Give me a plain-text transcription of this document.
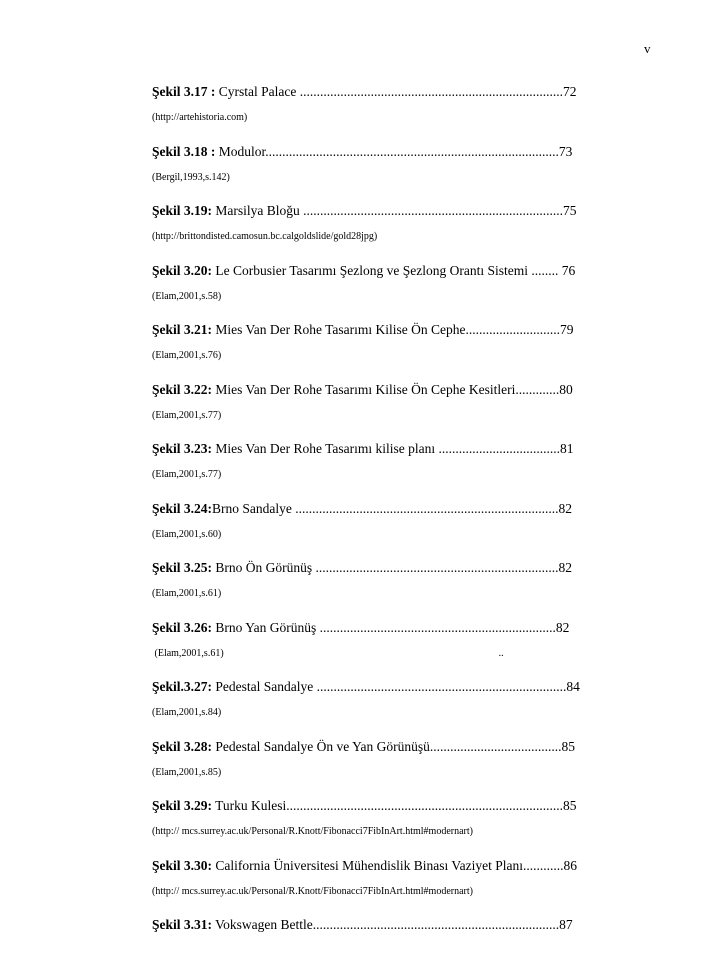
v
Şekil 3.17 : Cyrstal Palace ..............................................................................72
(http://artehistoria.com)
Şekil 3.18 : Modulor.......................................................................................73
(Bergil,1993,s.142)
Şekil 3.19: Marsilya Bloğu .............................................................................75
(http://brittondisted.camosun.bc.calgoldslide/gold28jpg)
Şekil 3.20: Le Corbusier Tasarımı Şezlong ve Şezlong Orantı Sistemi ........ 76
(Elam,2001,s.58)
Şekil 3.21: Mies Van Der Rohe Tasarımı Kilise Ön Cephe............................79
(Elam,2001,s.76)
Şekil 3.22: Mies Van Der Rohe Tasarımı Kilise Ön Cephe Kesitleri.............80
(Elam,2001,s.77)
Şekil 3.23: Mies Van Der Rohe Tasarımı kilise planı ....................................81
(Elam,2001,s.77)
Şekil 3.24:Brno Sandalye ..............................................................................82
(Elam,2001,s.60)
Şekil 3.25: Brno Ön Görünüş ........................................................................82
(Elam,2001,s.61)
Şekil 3.26: Brno Yan Görünüş ......................................................................82
(Elam,2001,s.61)                                                                                                              ..
Şekil.3.27: Pedestal Sandalye ..........................................................................84
(Elam,2001,s.84)
Şekil 3.28: Pedestal Sandalye Ön ve Yan Görünüşü.......................................85
(Elam,2001,s.85)
Şekil 3.29: Turku Kulesi..................................................................................85
(http:// mcs.surrey.ac.uk/Personal/R.Knott/Fibonacci7FibInArt.html#modernart)
Şekil 3.30: California Üniversitesi Mühendislik Binası Vaziyet Planı............86
(http:// mcs.surrey.ac.uk/Personal/R.Knott/Fibonacci7FibInArt.html#modernart)
Şekil 3.31: Vokswagen Bettle.........................................................................87
